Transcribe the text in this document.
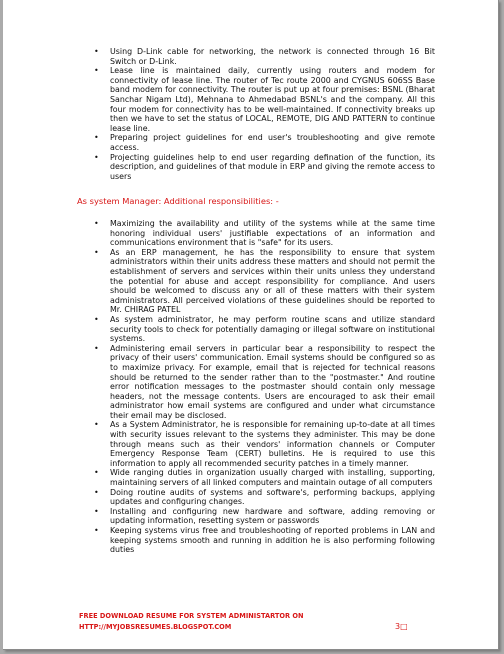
• Using D-Link cable for networking, the network is connected through 16 Bit Switch or D-Link.
• Lease line is maintained daily, currently using routers and modem for connectivity of lease line. The router of Tec route 2000 and CYGNUS 606SS Base band modem for connectivity. The router is put up at four premises: BSNL (Bharat Sanchar Nigam Ltd), Mehnana to Ahmedabad BSNL's and the company. All this four modem for connectivity has to be well-maintained. If connectivity breaks up then we have to set the status of LOCAL, REMOTE, DIG AND PATTERN to continue lease line.
• Preparing project guidelines for end user's troubleshooting and give remote access.
• Projecting guidelines help to end user regarding defination of the function, its description, and guidelines of that module in ERP and giving the remote access to users
As system Manager: Additional responsibilities: -
• Maximizing the availability and utility of the systems while at the same time honoring individual users' justifiable expectations of an information and communications environment that is "safe" for its users.
• As an ERP management, he has the responsibility to ensure that system administrators within their units address these matters and should not permit the establishment of servers and services within their units unless they understand the potential for abuse and accept responsibility for compliance. And users should be welcomed to discuss any or all of these matters with their system administrators. All perceived violations of these guidelines should be reported to Mr. CHIRAG PATEL
• As system administrator, he may perform routine scans and utilize standard security tools to check for potentially damaging or illegal software on institutional systems.
• Administering email servers in particular bear a responsibility to respect the privacy of their users' communication. Email systems should be configured so as to maximize privacy. For example, email that is rejected for technical reasons should be returned to the sender rather than to the "postmaster." And routine error notification messages to the postmaster should contain only message headers, not the message contents. Users are encouraged to ask their email administrator how email systems are configured and under what circumstance their email may be disclosed.
• As a System Administrator, he is responsible for remaining up-to-date at all times with security issues relevant to the systems they administer. This may be done through means such as their vendors' information channels or Computer Emergency Response Team (CERT) bulletins. He is required to use this information to apply all recommended security patches in a timely manner.
• Wide ranging duties in organization usually charged with installing, supporting, maintaining servers of all linked computers and maintain outage of all computers
• Doing routine audits of systems and software's, performing backups, applying updates and configuring changes.
• Installing and configuring new hardware and software, adding removing or updating information, resetting system or passwords
• Keeping systems virus free and troubleshooting of reported problems in LAN and keeping systems smooth and running in addition he is also performing following duties
FREE DOWNLOAD RESUME FOR SYSTEM ADMINISTARTOR ON
HTTP://MYJOBSRESUMES.BLOGSPOT.COM	3□
